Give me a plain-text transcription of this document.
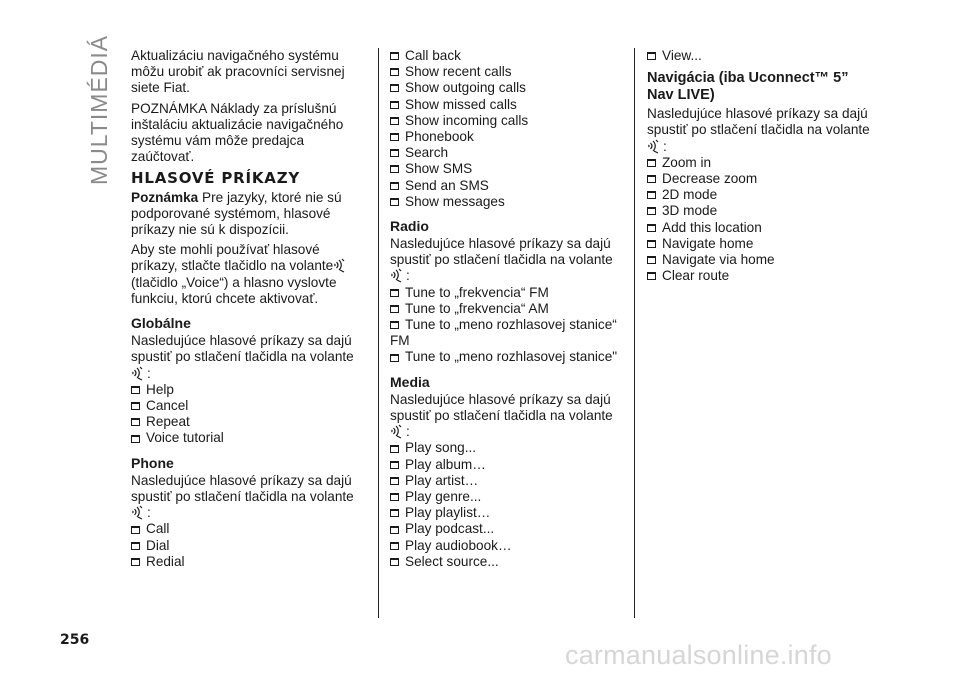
MULTIMÉDIÁ Aktualizáciu navigačného systému môžu urobiť ak pracovníci servisnej siete Fiat.

POZNÁMKA Náklady za príslušnú inštaláciu aktualizácie navigačného systému vám môže predajca zaúčtovať.

HLASOVÉ PRÍKAZY

Poznámka Pre jazyky, ktoré nie sú podporované systémom, hlasové príkazy nie sú k dispozícii.

Aby ste mohli používať hlasové príkazy, stlačte tlačidlo na volante (tlačidlo „Voice“) a hlasno vyslovte funkciu, ktorú chcete aktivovať.

Globálne

Nasledujúce hlasové príkazy sa dajú spustiť po stlačení tlačidla na volante

:
Help
Cancel
Repeat
Voice tutorial
Phone

Nasledujúce hlasové príkazy sa dajú spustiť po stlačení tlačidla na volante

:
Call
Dial
Redial
Call back
Show recent calls
Show outgoing calls
Show missed calls
Show incoming calls
Phonebook
Search
Show SMS
Send an SMS
Show messages
Radio

Nasledujúce hlasové príkazy sa dajú spustiť po stlačení tlačidla na volante

:
Tune to „frekvencia“ FM
Tune to „frekvencia“ AM
Tune to „meno rozhlasovej stanice“ FM
Tune to „meno rozhlasovej stanice"
Media

Nasledujúce hlasové príkazy sa dajú spustiť po stlačení tlačidla na volante

:
Play song...
Play album…
Play artist…
Play genre...
Play playlist…
Play podcast...
Play audiobook…
Select source...
View...
Navigácia (iba Uconnect™ 5” Nav LIVE)

Nasledujúce hlasové príkazy sa dajú spustiť po stlačení tlačidla na volante

:
Zoom in
Decrease zoom
2D mode
3D mode
Add this location
Navigate home
Navigate via home
Clear route
256	carmanualsonline.info
